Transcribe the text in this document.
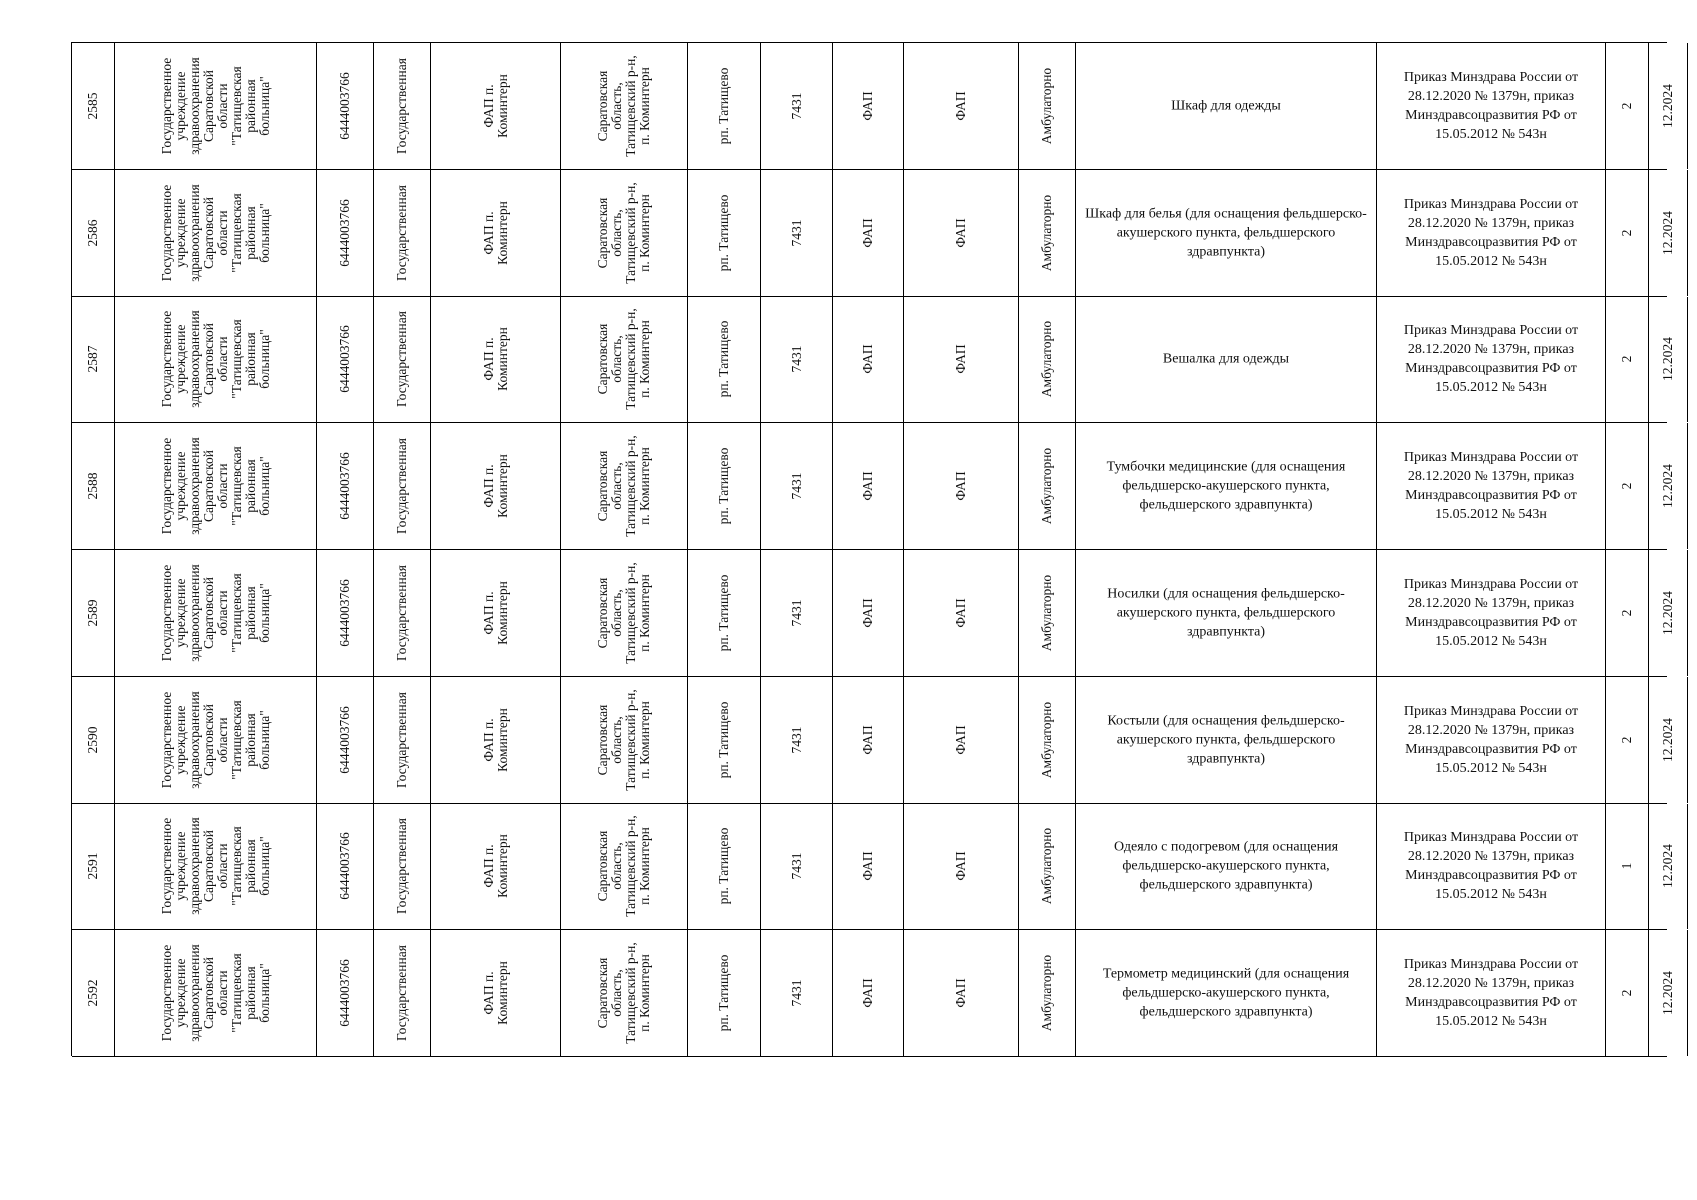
2585	Государственное
учреждение
здравоохранения
Саратовской
области
"Татищевская
районная
больница"	6444003766	Государственная	ФАП п.
Коминтерн	Саратовская
область,
Татищевский р-н,
п. Коминтерн	рп. Татищево	7431	ФАП	ФАП	Амбулаторно	Шкаф для одежды
Приказ Минздрава России от 28.12.2020 № 1379н, приказ Минздравсоцразвития РФ от 15.05.2012 № 543н
2 12.2024
2586	Государственное
учреждение
здравоохранения
Саратовской
области
"Татищевская
районная
больница"	6444003766	Государственная	ФАП п.
Коминтерн	Саратовская
область,
Татищевский р-н,
п. Коминтерн	рп. Татищево	7431	ФАП	ФАП	Амбулаторно	Шкаф для белья (для оснащения фельдшерско-акушерского пункта, фельдшерского здравпункта)
Приказ Минздрава России от 28.12.2020 № 1379н, приказ Минздравсоцразвития РФ от 15.05.2012 № 543н
2 12.2024
2587	Государственное
учреждение
здравоохранения
Саратовской
области
"Татищевская
районная
больница"	6444003766	Государственная	ФАП п.
Коминтерн	Саратовская
область,
Татищевский р-н,
п. Коминтерн	рп. Татищево	7431	ФАП	ФАП	Амбулаторно	Вешалка для одежды
Приказ Минздрава России от 28.12.2020 № 1379н, приказ Минздравсоцразвития РФ от 15.05.2012 № 543н
2 12.2024
2588	Государственное
учреждение
здравоохранения
Саратовской
области
"Татищевская
районная
больница"	6444003766	Государственная	ФАП п.
Коминтерн	Саратовская
область,
Татищевский р-н,
п. Коминтерн	рп. Татищево	7431	ФАП	ФАП	Амбулаторно	Тумбочки медицинские (для оснащения фельдшерско-акушерского пункта, фельдшерского здравпункта)
Приказ Минздрава России от 28.12.2020 № 1379н, приказ Минздравсоцразвития РФ от 15.05.2012 № 543н
2 12.2024
2589	Государственное
учреждение
здравоохранения
Саратовской
области
"Татищевская
районная
больница"	6444003766	Государственная	ФАП п.
Коминтерн	Саратовская
область,
Татищевский р-н,
п. Коминтерн	рп. Татищево	7431	ФАП	ФАП	Амбулаторно	Носилки (для оснащения фельдшерско-акушерского пункта, фельдшерского здравпункта)
Приказ Минздрава России от 28.12.2020 № 1379н, приказ Минздравсоцразвития РФ от 15.05.2012 № 543н
2 12.2024
2590	Государственное
учреждение
здравоохранения
Саратовской
области
"Татищевская
районная
больница"	6444003766	Государственная	ФАП п.
Коминтерн	Саратовская
область,
Татищевский р-н,
п. Коминтерн	рп. Татищево	7431	ФАП	ФАП	Амбулаторно	Костыли (для оснащения фельдшерско-акушерского пункта, фельдшерского здравпункта)
Приказ Минздрава России от 28.12.2020 № 1379н, приказ Минздравсоцразвития РФ от 15.05.2012 № 543н
2 12.2024
2591	Государственное
учреждение
здравоохранения
Саратовской
области
"Татищевская
районная
больница"	6444003766	Государственная	ФАП п.
Коминтерн	Саратовская
область,
Татищевский р-н,
п. Коминтерн	рп. Татищево	7431	ФАП	ФАП	Амбулаторно	Одеяло с подогревом (для оснащения фельдшерско-акушерского пункта, фельдшерского здравпункта)
Приказ Минздрава России от 28.12.2020 № 1379н, приказ Минздравсоцразвития РФ от 15.05.2012 № 543н
1 12.2024
2592	Государственное
учреждение
здравоохранения
Саратовской
области
"Татищевская
районная
больница"	6444003766	Государственная	ФАП п.
Коминтерн	Саратовская
область,
Татищевский р-н,
п. Коминтерн	рп. Татищево	7431	ФАП	ФАП	Амбулаторно	Термометр медицинский (для оснащения фельдшерско-акушерского пункта, фельдшерского здравпункта)
Приказ Минздрава России от 28.12.2020 № 1379н, приказ Минздравсоцразвития РФ от 15.05.2012 № 543н
2 12.2024
